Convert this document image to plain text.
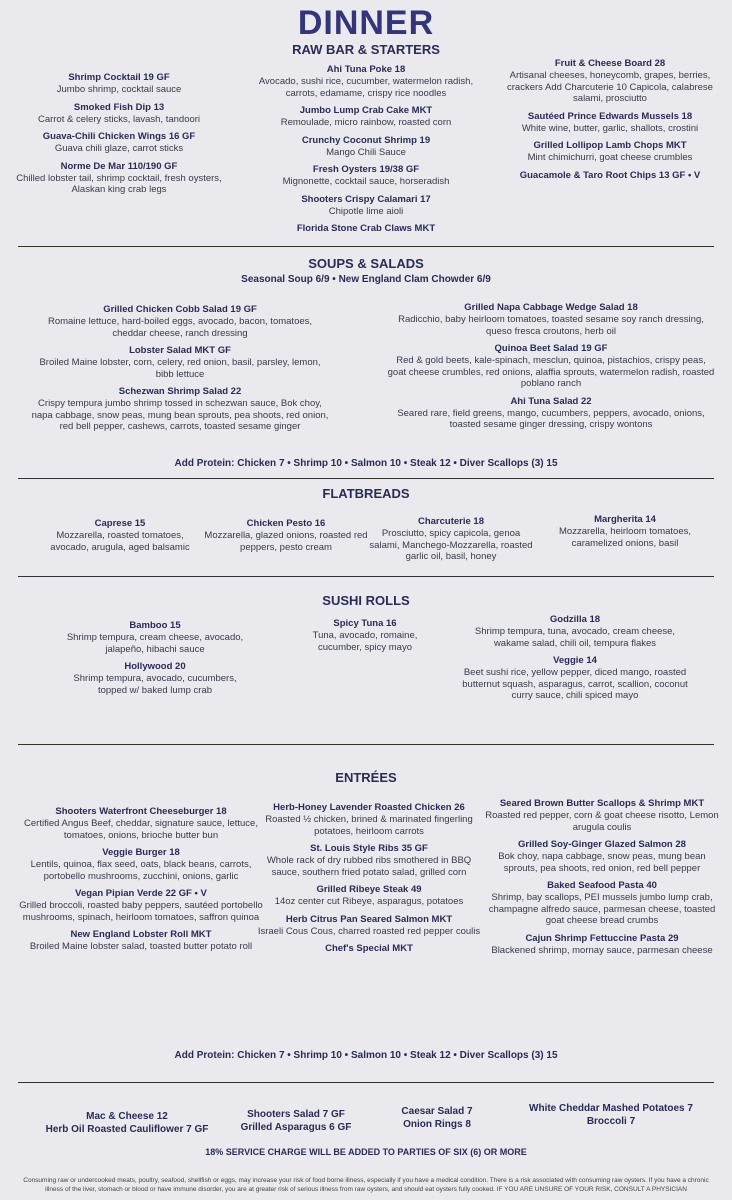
DINNER
RAW BAR & STARTERS
Shrimp Cocktail 19 GF
Jumbo shrimp, cocktail sauce
Smoked Fish Dip 13
Carrot & celery sticks, lavash, tandoori
Guava-Chili Chicken Wings 16 GF
Guava chili glaze, carrot sticks
Norme De Mar 110/190 GF
Chilled lobster tail, shrimp cocktail, fresh oysters, Alaskan king crab legs
Ahi Tuna Poke 18
Avocado, sushi rice, cucumber, watermelon radish, carrots, edamame, crispy rice noodles
Jumbo Lump Crab Cake MKT
Remoulade, micro rainbow, roasted corn
Crunchy Coconut Shrimp 19
Mango Chili Sauce
Fresh Oysters 19/38 GF
Mignonette, cocktail sauce, horseradish
Shooters Crispy Calamari 17
Chipotle lime aioli
Florida Stone Crab Claws MKT
Fruit & Cheese Board 28
Artisanal cheeses, honeycomb, grapes, berries, crackers Add Charcuterie 10 Capicola, calabrese salami, prosciutto
Sautéed Prince Edwards Mussels 18
White wine, butter, garlic, shallots, crostini
Grilled Lollipop Lamb Chops MKT
Mint chimichurri, goat cheese crumbles
Guacamole & Taro Root Chips 13 GF • V
SOUPS & SALADS
Seasonal Soup 6/9 • New England Clam Chowder 6/9
Grilled Chicken Cobb Salad 19 GF
Romaine lettuce, hard-boiled eggs, avocado, bacon, tomatoes, cheddar cheese, ranch dressing
Lobster Salad MKT GF
Broiled Maine lobster, corn, celery, red onion, basil, parsley, lemon, bibb lettuce
Schezwan Shrimp Salad 22
Crispy tempura jumbo shrimp tossed in schezwan sauce, Bok choy, napa cabbage, snow peas, mung bean sprouts, pea shoots, red onion, red bell pepper, cashews, carrots, toasted sesame ginger
Grilled Napa Cabbage Wedge Salad 18
Radicchio, baby heirloom tomatoes, toasted sesame soy ranch dressing, queso fresca croutons, herb oil
Quinoa Beet Salad 19 GF
Red & gold beets, kale-spinach, mesclun, quinoa, pistachios, crispy peas, goat cheese crumbles, red onions, alaffia sprouts, watermelon radish, roasted poblano ranch
Ahi Tuna Salad 22
Seared rare, field greens, mango, cucumbers, peppers, avocado, onions, toasted sesame ginger dressing, crispy wontons
Add Protein: Chicken 7 • Shrimp 10 • Salmon 10 • Steak 12 • Diver Scallops (3) 15
FLATBREADS
Caprese 15
Mozzarella, roasted tomatoes, avocado, arugula, aged balsamic
Chicken Pesto 16
Mozzarella, glazed onions, roasted red peppers, pesto cream
Charcuterie 18
Prosciutto, spicy capicola, genoa salami, Manchego-Mozzarella, roasted garlic oil, basil, honey
Margherita 14
Mozzarella, heirloom tomatoes, caramelized onions, basil
SUSHI ROLLS
Bamboo 15
Shrimp tempura, cream cheese, avocado, jalapeño, hibachi sauce
Hollywood 20
Shrimp tempura, avocado, cucumbers, topped w/ baked lump crab
Spicy Tuna 16
Tuna, avocado, romaine, cucumber, spicy mayo
Godzilla 18
Shrimp tempura, tuna, avocado, cream cheese, wakame salad, chili oil, tempura flakes
Veggie 14
Beet sushi rice, yellow pepper, diced mango, roasted butternut squash, asparagus, carrot, scallion, coconut curry sauce, chili spiced mayo
ENTRÉES
Shooters Waterfront Cheeseburger 18
Certified Angus Beef, cheddar, signature sauce, lettuce, tomatoes, onions, brioche butter bun
Veggie Burger 18
Lentils, quinoa, flax seed, oats, black beans, carrots, portobello mushrooms, zucchini, onions, garlic
Vegan Pipian Verde 22 GF • V
Grilled broccoli, roasted baby peppers, sautéed portobello mushrooms, spinach, heirloom tomatoes, saffron quinoa
New England Lobster Roll MKT
Broiled Maine lobster salad, toasted butter potato roll
Herb-Honey Lavender Roasted Chicken 26
Roasted ½ chicken, brined & marinated fingerling potatoes, heirloom carrots
St. Louis Style Ribs 35 GF
Whole rack of dry rubbed ribs smothered in BBQ sauce, southern fried potato salad, grilled corn
Grilled Ribeye Steak 49
14oz center cut Ribeye, asparagus, potatoes
Herb Citrus Pan Seared Salmon MKT
Israeli Cous Cous, charred roasted red pepper coulis
Chef's Special MKT
Seared Brown Butter Scallops & Shrimp MKT
Roasted red pepper, corn & goat cheese risotto, Lemon arugula coulis
Grilled Soy-Ginger Glazed Salmon 28
Bok choy, napa cabbage, snow peas, mung bean sprouts, pea shoots, red onion, red bell pepper
Baked Seafood Pasta 40
Shrimp, bay scallops, PEI mussels jumbo lump crab, champagne alfredo sauce, parmesan cheese, toasted goat cheese bread crumbs
Cajun Shrimp Fettuccine Pasta 29
Blackened shrimp, mornay sauce, parmesan cheese
Add Protein: Chicken 7 • Shrimp 10 • Salmon 10 • Steak 12 • Diver Scallops (3) 15
Mac & Cheese 12
Herb Oil Roasted Cauliflower 7 GF
Shooters Salad 7 GF
Grilled Asparagus 6 GF
Caesar Salad 7
Onion Rings 8
White Cheddar Mashed Potatoes 7
Broccoli 7
18% SERVICE CHARGE WILL BE ADDED TO PARTIES OF SIX (6) OR MORE
Consuming raw or undercooked meats, poultry, seafood, shellfish or eggs, may increase your risk of food borne illness, especially if you have a medical condition. There is a risk associated with consuming raw oysters. If you have a chronic illness of the liver, stomach or blood or have immune disorder, you are at greater risk of serious illness from raw oysters, and should eat oysters fully cooked. IF YOU ARE UNSURE OF YOUR RISK, CONSULT A PHYSICIAN
